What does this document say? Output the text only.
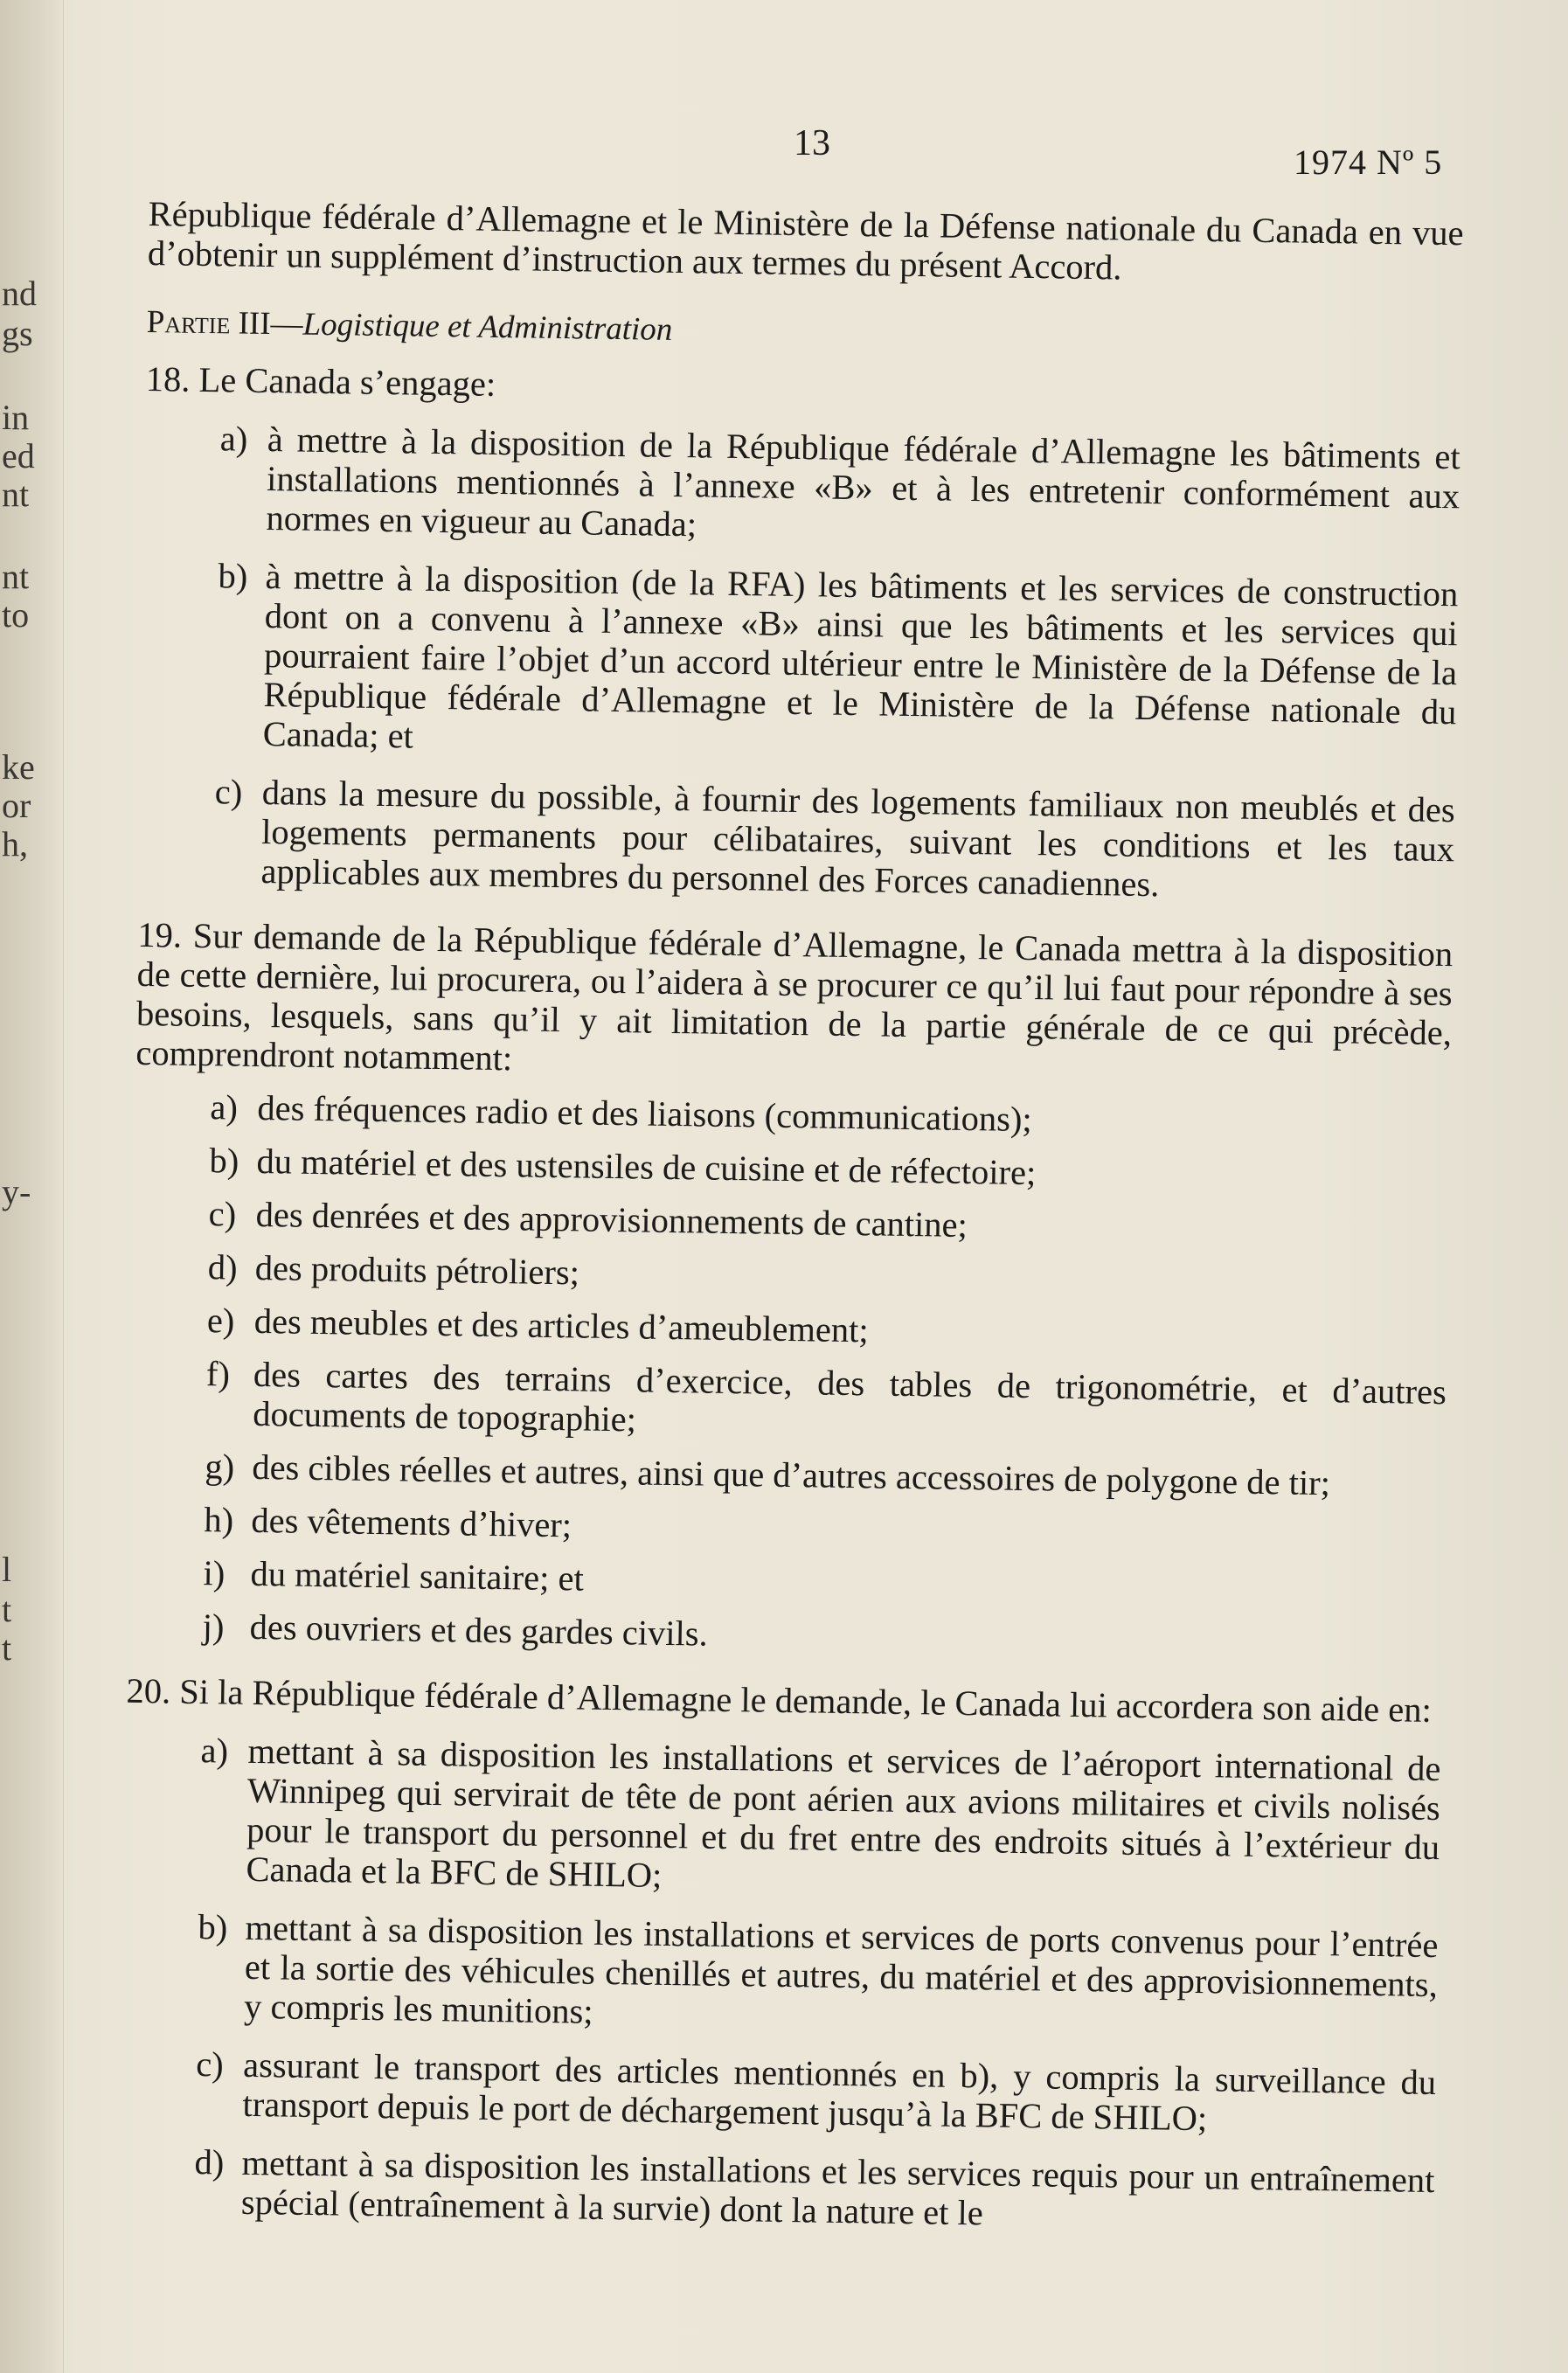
nd
gs
in
ed
nt
nt
to
ke
or
h,
y-
l
t
t
13	1974 Nº 5

République fédérale d’Allemagne et le Ministère de la Défense nationale du Canada en vue d’obtenir un supplément d’instruction aux termes du présent Accord.

Partie III—Logistique et Administration

18. Le Canada s’engage:

a) à mettre à la disposition de la République fédérale d’Allemagne les bâtiments et installations mentionnés à l’annexe «B» et à les entretenir conformément aux normes en vigueur au Canada;
b) à mettre à la disposition (de la RFA) les bâtiments et les services de construction dont on a convenu à l’annexe «B» ainsi que les bâtiments et les services qui pourraient faire l’objet d’un accord ultérieur entre le Ministère de la Défense de la République fédérale d’Allemagne et le Ministère de la Défense nationale du Canada; et
c) dans la mesure du possible, à fournir des logements familiaux non meublés et des logements permanents pour célibataires, suivant les conditions et les taux applicables aux membres du personnel des Forces canadiennes.

19. Sur demande de la République fédérale d’Allemagne, le Canada mettra à la disposition de cette dernière, lui procurera, ou l’aidera à se procurer ce qu’il lui faut pour répondre à ses besoins, lesquels, sans qu’il y ait limitation de la partie générale de ce qui précède, comprendront notamment:

a) des fréquences radio et des liaisons (communications);
b) du matériel et des ustensiles de cuisine et de réfectoire;
c) des denrées et des approvisionnements de cantine;
d) des produits pétroliers;
e) des meubles et des articles d’ameublement;
f) des cartes des terrains d’exercice, des tables de trigonométrie, et d’autres documents de topographie;
g) des cibles réelles et autres, ainsi que d’autres accessoires de polygone de tir;
h) des vêtements d’hiver;
i) du matériel sanitaire; et
j) des ouvriers et des gardes civils.

20. Si la République fédérale d’Allemagne le demande, le Canada lui accordera son aide en:

a) mettant à sa disposition les installations et services de l’aéroport international de Winnipeg qui servirait de tête de pont aérien aux avions militaires et civils nolisés pour le transport du personnel et du fret entre des endroits situés à l’extérieur du Canada et la BFC de SHILO;
b) mettant à sa disposition les installations et services de ports convenus pour l’entrée et la sortie des véhicules chenillés et autres, du matériel et des approvisionnements, y compris les munitions;
c) assurant le transport des articles mentionnés en b), y compris la surveillance du transport depuis le port de déchargement jusqu’à la BFC de SHILO;
d) mettant à sa disposition les installations et les services requis pour un entraînement spécial (entraînement à la survie) dont la nature et le
